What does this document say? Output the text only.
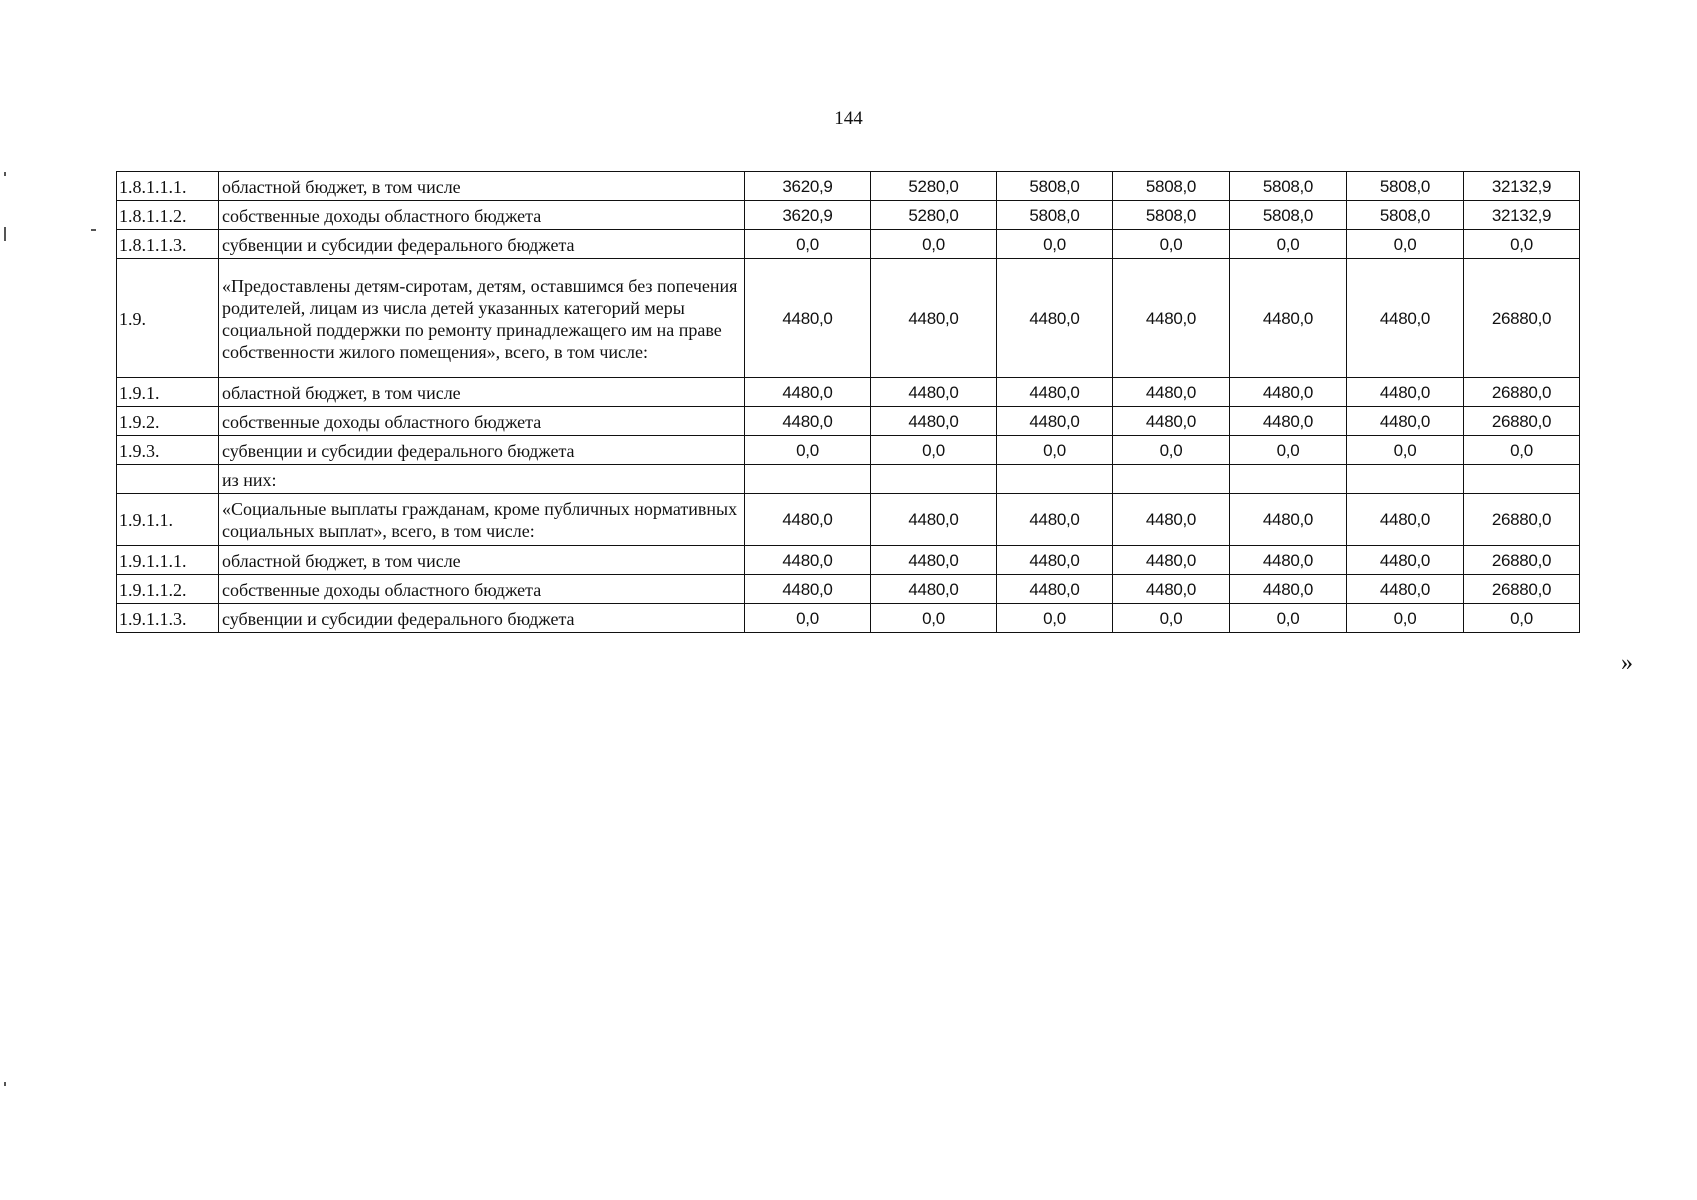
144
1.8.1.1.1.	областной бюджет, в том числе	3620,9	5280,0	5808,0	5808,0	5808,0	5808,0	32132,9
1.8.1.1.2.	собственные доходы областного бюджета	3620,9	5280,0	5808,0	5808,0	5808,0	5808,0	32132,9
1.8.1.1.3.	субвенции и субсидии федерального бюджета	0,0	0,0	0,0	0,0	0,0	0,0	0,0
1.9.	«Предоставлены детям-сиротам, детям, оставшимся без попечения родителей, лицам из числа детей указанных категорий меры социальной поддержки по ремонту принадлежащего им на праве собственности жилого помещения», всего, в том числе:	4480,0	4480,0	4480,0	4480,0	4480,0	4480,0	26880,0
1.9.1.	областной бюджет, в том числе	4480,0	4480,0	4480,0	4480,0	4480,0	4480,0	26880,0
1.9.2.	собственные доходы областного бюджета	4480,0	4480,0	4480,0	4480,0	4480,0	4480,0	26880,0
1.9.3.	субвенции и субсидии федерального бюджета	0,0	0,0	0,0	0,0	0,0	0,0	0,0
	из них:							
1.9.1.1.	«Социальные выплаты гражданам, кроме публичных нормативных социальных выплат», всего, в том числе:	4480,0	4480,0	4480,0	4480,0	4480,0	4480,0	26880,0
1.9.1.1.1.	областной бюджет, в том числе	4480,0	4480,0	4480,0	4480,0	4480,0	4480,0	26880,0
1.9.1.1.2.	собственные доходы областного бюджета	4480,0	4480,0	4480,0	4480,0	4480,0	4480,0	26880,0
1.9.1.1.3.	субвенции и субсидии федерального бюджета	0,0	0,0	0,0	0,0	0,0	0,0	0,0
»
